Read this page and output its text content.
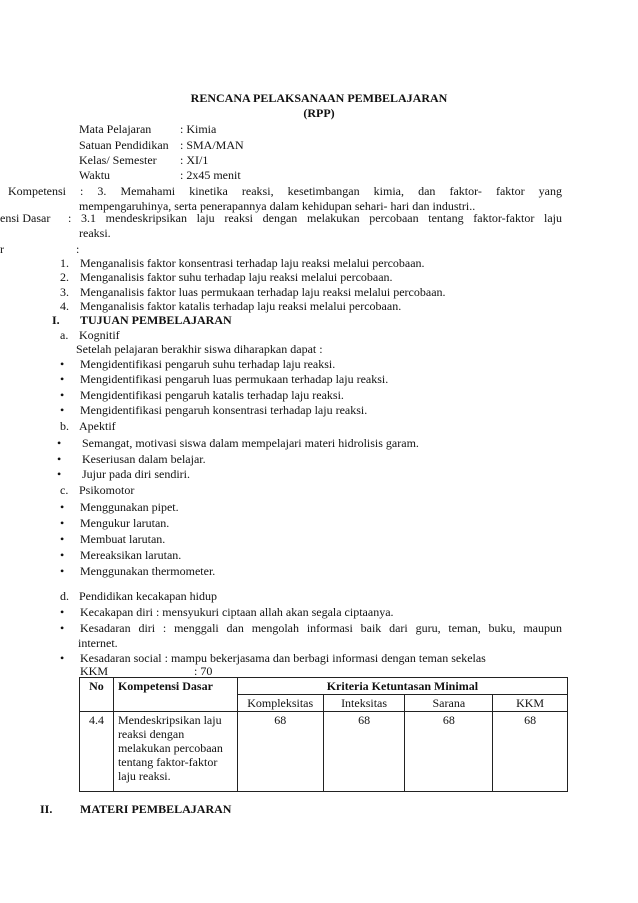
RENCANA PELAKSANAAN PEMBELAJARAN
(RPP)
Mata Pelajaran : Kimia
Satuan Pendidikan : SMA/MAN
Kelas/ Semester : XI/1
Waktu	: 2x45 menit
Kompetensi : 3. Memahami kinetika reaksi, kesetimbangan kimia, dan faktor- faktor yang
mempengaruhinya, serta penerapannya dalam kehidupan sehari- hari dan industri..
ensi Dasar : 3.1 mendeskripsikan laju reaksi dengan melakukan percobaan tentang faktor-faktor laju
reaksi.
r	:
1. Menganalisis faktor konsentrasi terhadap laju reaksi melalui percobaan.
2. Menganalisis faktor suhu terhadap laju reaksi melalui percobaan.
3. Menganalisis faktor luas permukaan terhadap laju reaksi melalui percobaan.
4. Menganalisis faktor katalis terhadap laju reaksi melalui percobaan.
I. TUJUAN PEMBELAJARAN
a. Kognitif
Setelah pelajaran berakhir siswa diharapkan dapat :
• Mengidentifikasi pengaruh suhu terhadap laju reaksi.
• Mengidentifikasi pengaruh luas permukaan terhadap laju reaksi.
• Mengidentifikasi pengaruh katalis terhadap laju reaksi.
• Mengidentifikasi pengaruh konsentrasi terhadap laju reaksi.
b. Apektif
• Semangat, motivasi siswa dalam mempelajari materi hidrolisis garam.
• Keseriusan dalam belajar.
• Jujur pada diri sendiri.
c. Psikomotor
• Menggunakan pipet.
• Mengukur larutan.
• Membuat larutan.
• Mereaksikan larutan.
• Menggunakan thermometer.
d. Pendidikan kecakapan hidup
• Kecakapan diri : mensyukuri ciptaan allah akan segala ciptaanya.
• Kesadaran diri : menggali dan mengolah informasi baik dari guru, teman, buku, maupun
internet.
• Kesadaran social : mampu bekerjasama dan berbagi informasi dengan teman sekelas
KKM	: 70
No	Kompetensi Dasar	Kriteria Ketuntasan Minimal			
		Kompleksitas	Inteksitas	Sarana	KKM
4.4	Mendeskripsikan laju
reaksi dengan
melakukan percobaan
tentang faktor-faktor
laju reaksi.	68	68	68	68
II. MATERI PEMBELAJARAN
